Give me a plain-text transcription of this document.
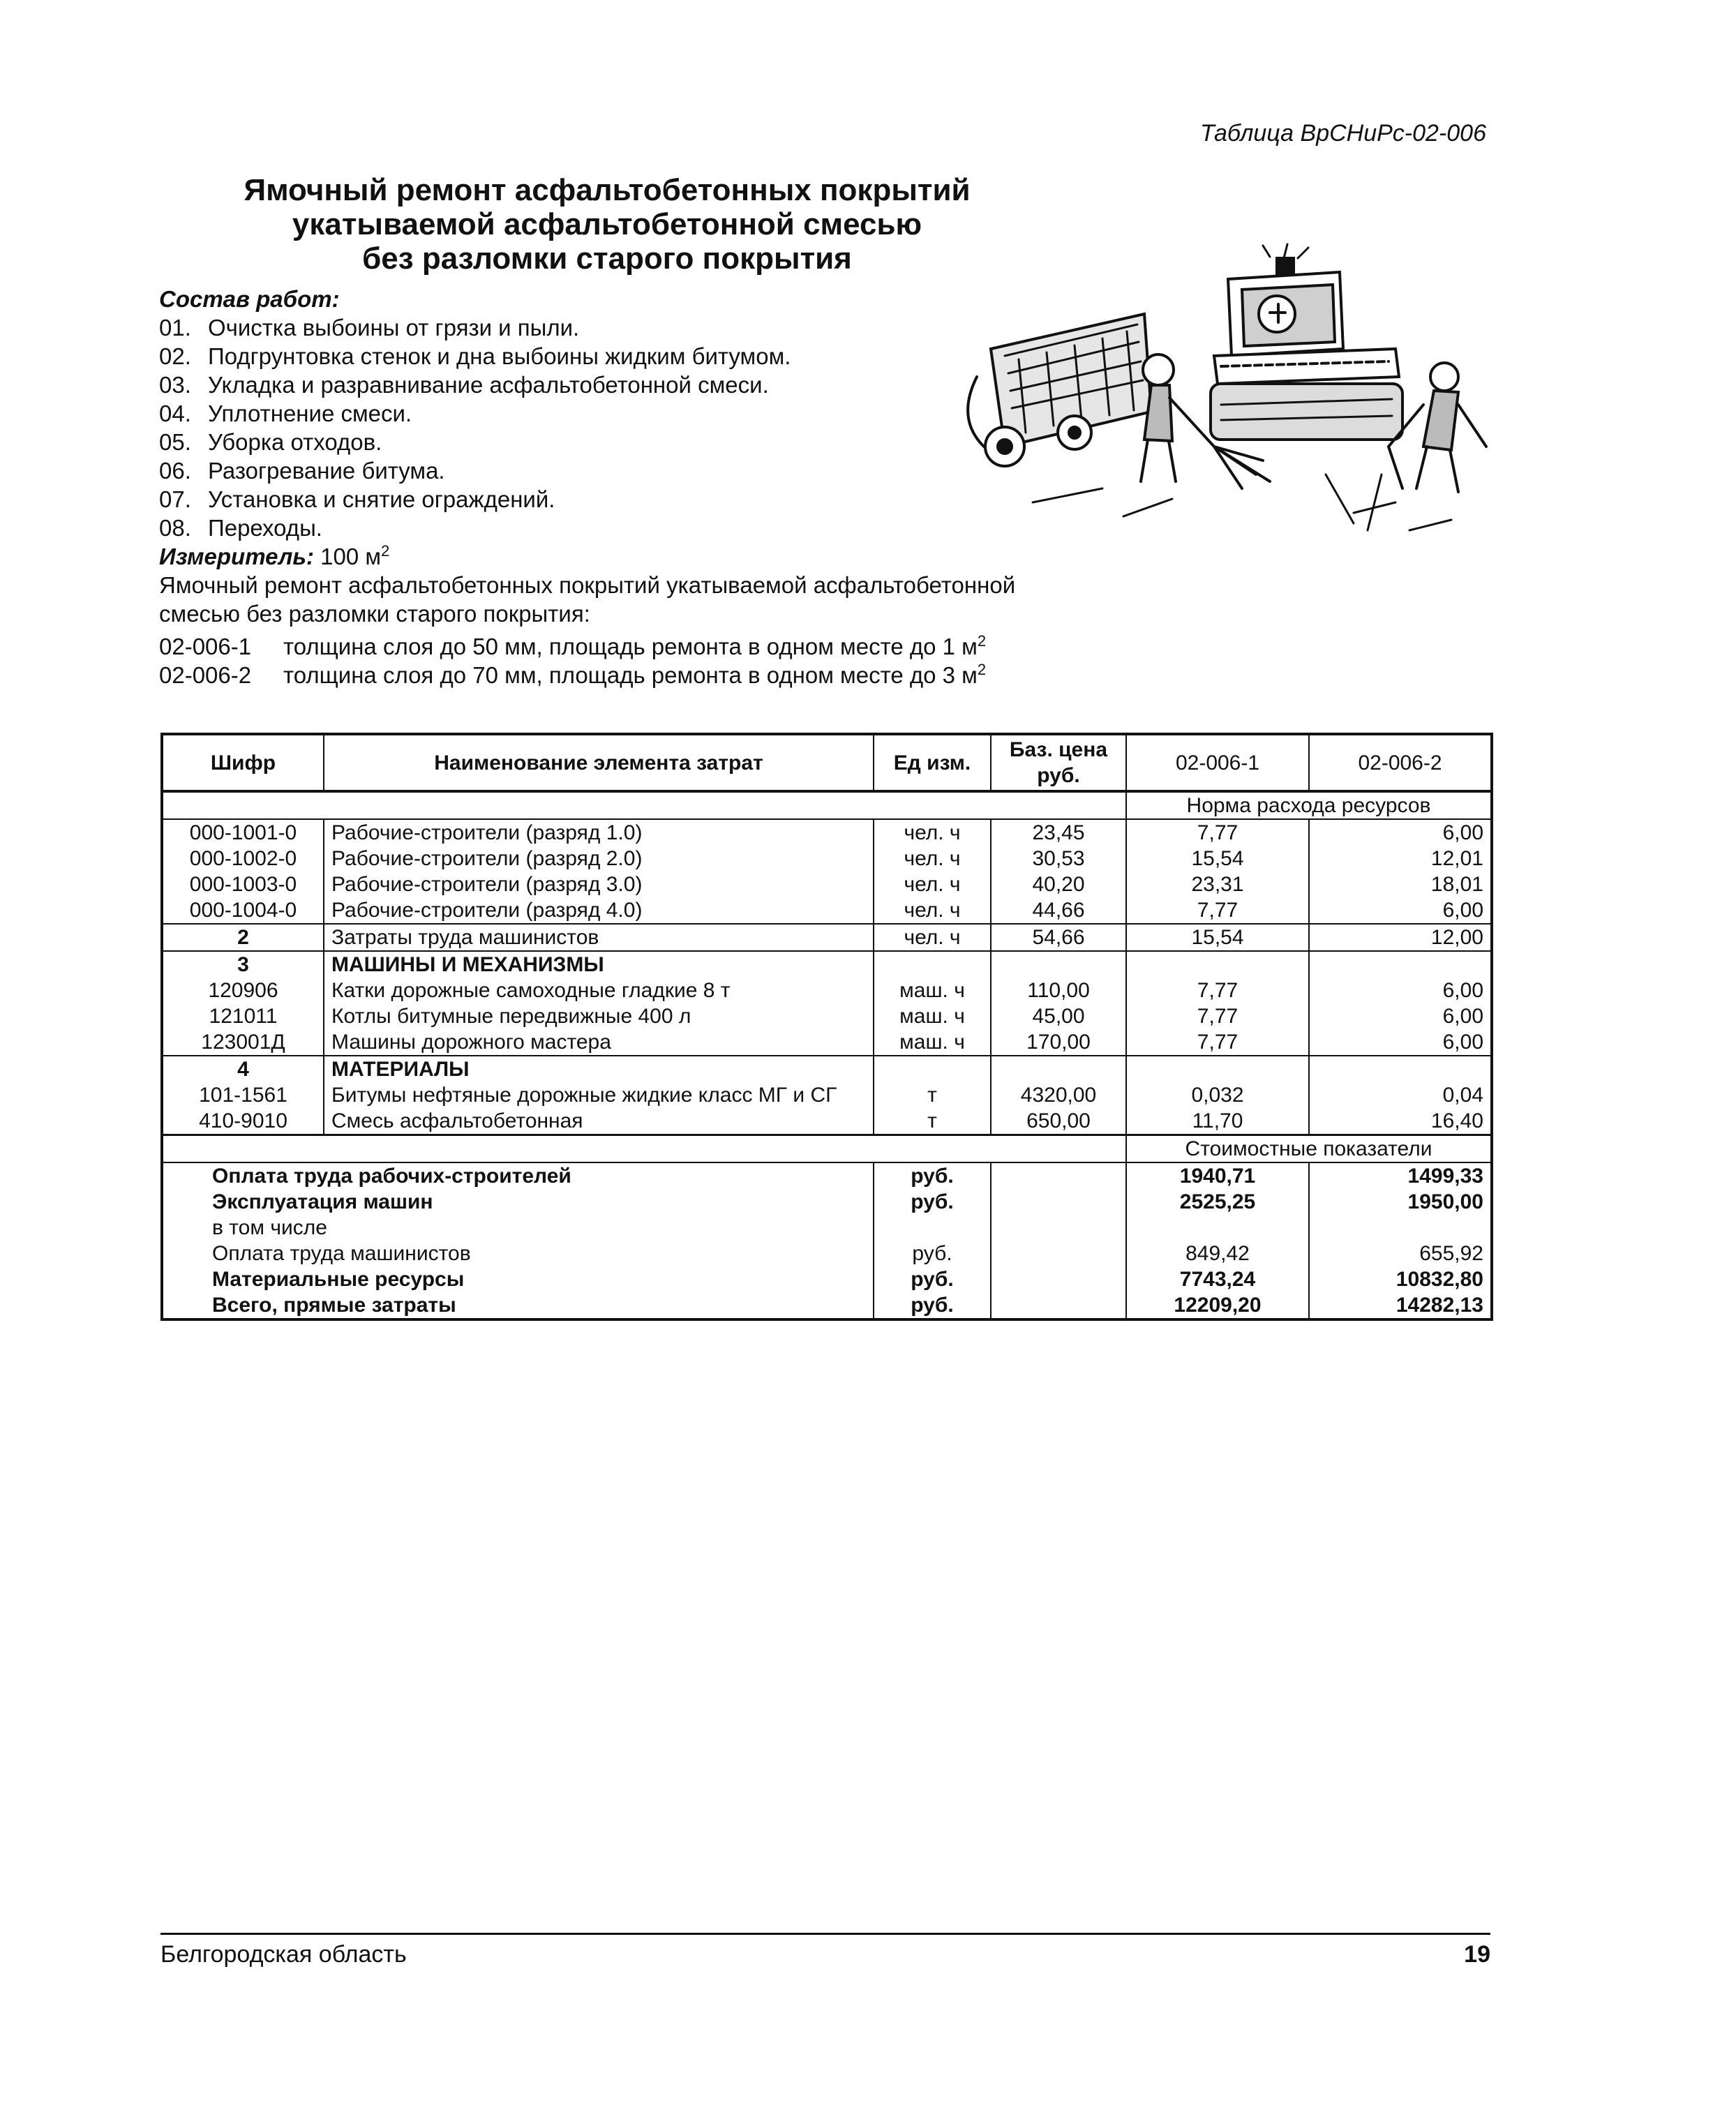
Таблица ВрСНиРс-02-006
Ямочный ремонт асфальтобетонных покрытий
укатываемой асфальтобетонной смесью
без разломки старого покрытия
Состав работ:
01. Очистка выбоины от грязи и пыли.
02. Подгрунтовка стенок и дна выбоины жидким битумом.
03. Укладка и разравнивание асфальтобетонной смеси.
04. Уплотнение смеси.
05. Уборка отходов.
06. Разогревание битума.
07. Установка и снятие ограждений.
08. Переходы.
Измеритель: 100 $м^2$
Ямочный ремонт асфальтобетонных покрытий укатываемой асфальтобетонной смесью без разломки старого покрытия:
02-006-1 толщина слоя до 50 мм, площадь ремонта в одном месте до 1 $м^2$
02-006-2 толщина слоя до 70 мм, площадь ремонта в одном месте до 3 $м^2$
Шифр	Наименование элемента затрат	Ед изм.	Баз. цена руб.	02-006-1	02-006-2
				Норма расхода ресурсов	
000-1001-0	Рабочие-строители (разряд 1.0)	чел. ч	23,45	7,77	6,00
000-1002-0	Рабочие-строители (разряд 2.0)	чел. ч	30,53	15,54	12,01
000-1003-0	Рабочие-строители (разряд 3.0)	чел. ч	40,20	23,31	18,01
000-1004-0	Рабочие-строители (разряд 4.0)	чел. ч	44,66	7,77	6,00
2	Затраты труда машинистов	чел. ч	54,66	15,54	12,00
3	МАШИНЫ И МЕХАНИЗМЫ				
120906	Катки дорожные самоходные гладкие 8 т	маш. ч	110,00	7,77	6,00
121011	Котлы битумные передвижные 400 л	маш. ч	45,00	7,77	6,00
123001Д	Машины дорожного мастера	маш. ч	170,00	7,77	6,00
4	МАТЕРИАЛЫ				
101-1561	Битумы нефтяные дорожные жидкие класс МГ и СГ	т	4320,00	0,032	0,04
410-9010	Смесь асфальтобетонная	т	650,00	11,70	16,40
				Стоимостные показатели	
Оплата труда рабочих-строителей		руб.		1940,71	1499,33
Эксплуатация машин		руб.		2525,25	1950,00
в том числе					
Оплата труда машинистов		руб.		849,42	655,92
Материальные ресурсы		руб.		7743,24	10832,80
Всего, прямые затраты		руб.		12209,20	14282,13
Белгородская область	19
